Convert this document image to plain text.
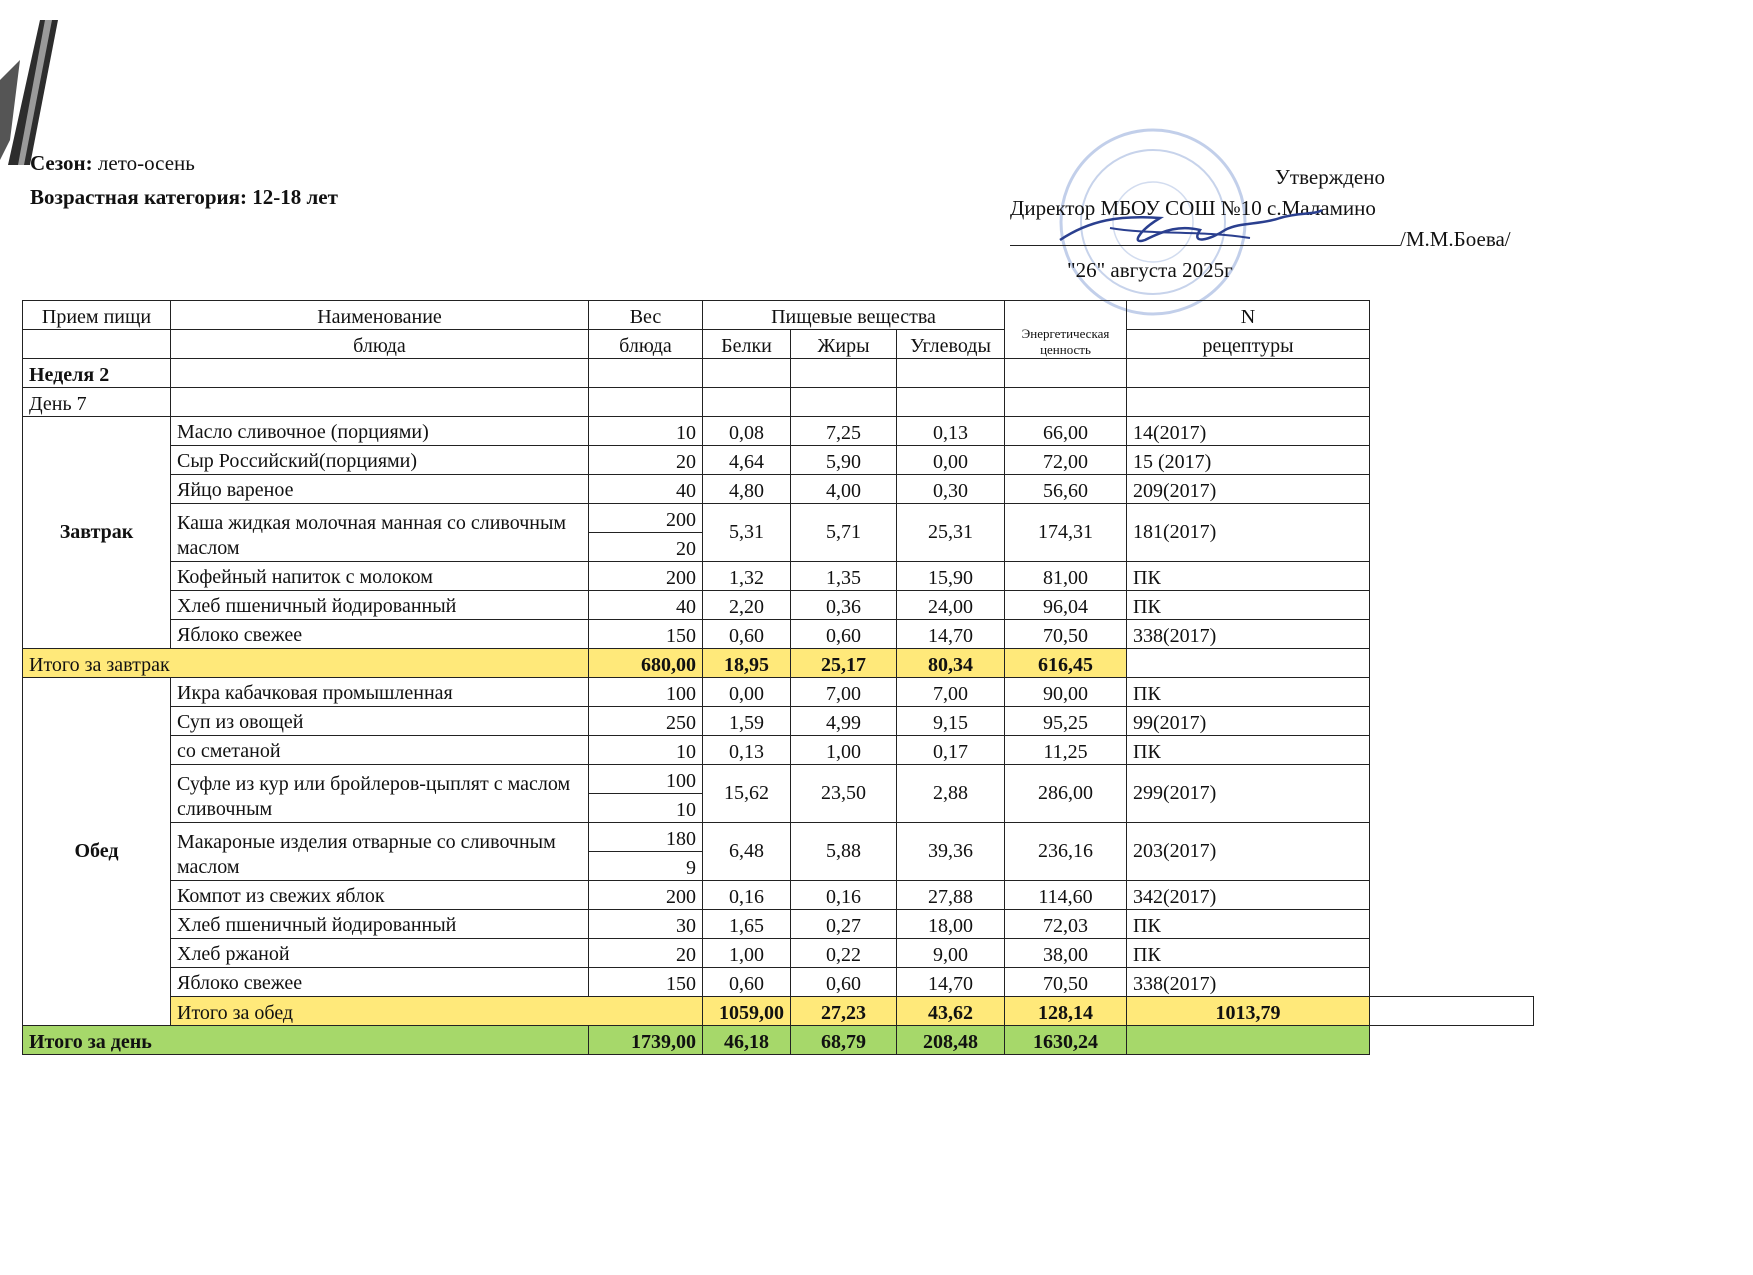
Сезон: лето-осень
Возрастная категория: 12-18 лет
Утверждено
Директор МБОУ СОШ №10 с.Маламино
/М.М.Боева/
"26" августа 2025г
Прием пищи	Наименование	Вес	Пищевые вещества			Энергетическая ценность	N	
	блюда	блюда	Белки	Жиры	Углеводы		рецептуры	
Неделя 2								
День 7								
Завтрак	Масло сливочное (порциями)	10	0,08	7,25	0,13	66,00	14(2017)	
	Сыр Российский(порциями)	20	4,64	5,90	0,00	72,00	15 (2017)	
	Яйцо вареное	40	4,80	4,00	0,30	56,60	209(2017)	
	Каша жидкая молочная манная со сливочным маслом	200	5,31	5,71	25,31	174,31	181(2017)	
		20						
	Кофейный напиток с молоком	200	1,32	1,35	15,90	81,00	ПК	
	Хлеб пшеничный йодированный	40	2,20	0,36	24,00	96,04	ПК	
	Яблоко свежее	150	0,60	0,60	14,70	70,50	338(2017)	
Итого за завтрак		680,00	18,95	25,17	80,34	616,45		
Обед	Икра кабачковая промышленная	100	0,00	7,00	7,00	90,00	ПК	
	Суп из овощей	250	1,59	4,99	9,15	95,25	99(2017)	
	со сметаной	10	0,13	1,00	0,17	11,25	ПК	
	Суфле из кур или бройлеров-цыплят с маслом сливочным	100	15,62	23,50	2,88	286,00	299(2017)	
		10						
	Макароные изделия отварные со сливочным маслом	180	6,48	5,88	39,36	236,16	203(2017)	
		9						
	Компот из свежих яблок	200	0,16	0,16	27,88	114,60	342(2017)	
	Хлеб пшеничный йодированный	30	1,65	0,27	18,00	72,03	ПК	
	Хлеб ржаной	20	1,00	0,22	9,00	38,00	ПК	
	Яблоко свежее	150	0,60	0,60	14,70	70,50	338(2017)	
	Итого за обед		1059,00	27,23	43,62	128,14	1013,79	
Итого за день		1739,00	46,18	68,79	208,48	1630,24		
